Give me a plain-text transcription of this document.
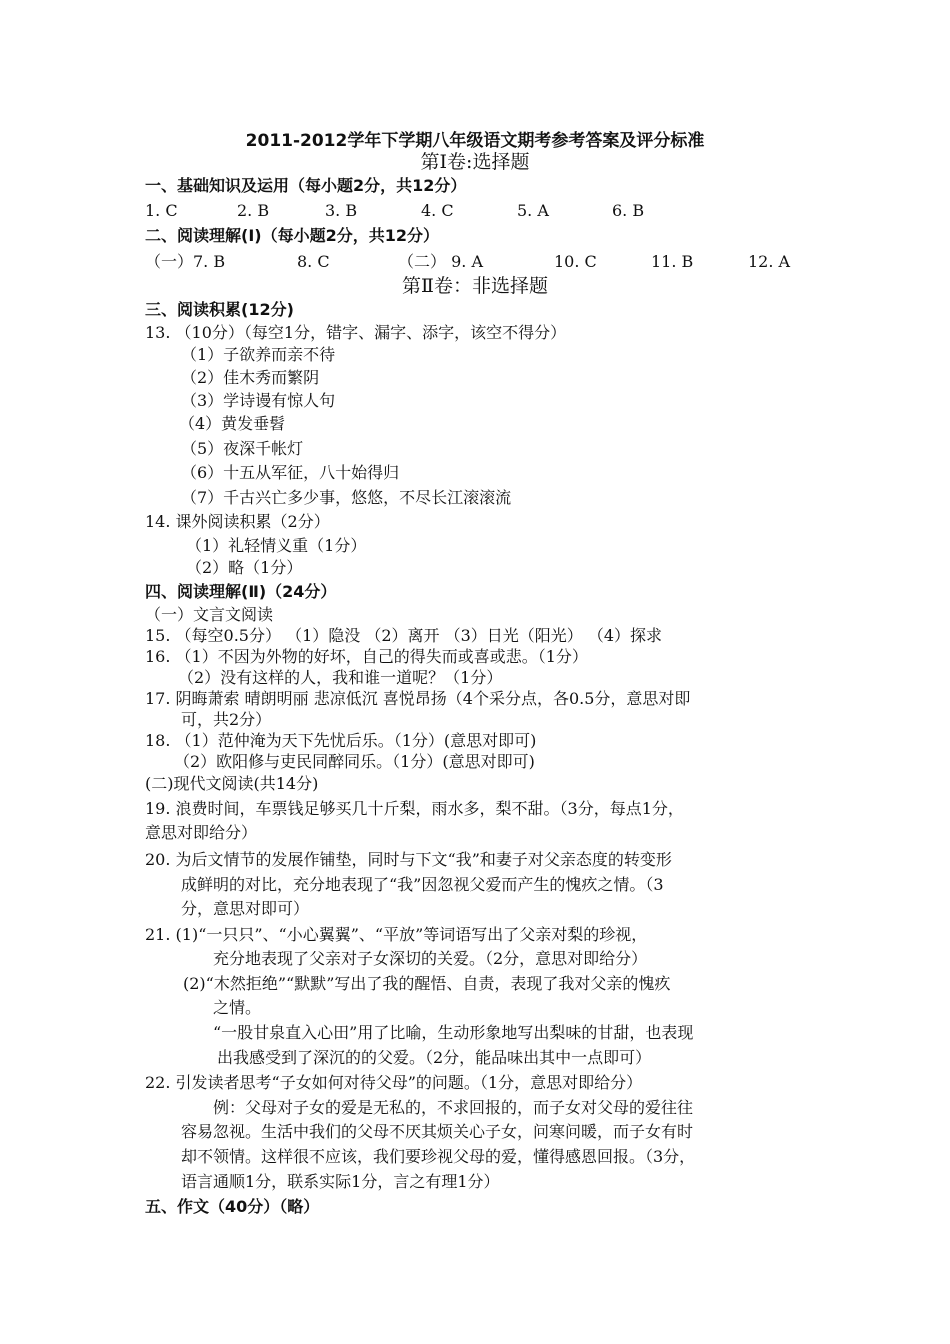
2011-2012学年下学期八年级语文期考参考答案及评分标准
第Ⅰ卷:选择题
一、基础知识及运用（每小题2分，共12分）
1. C	2. B	3. B	4. C	5. A	6. B
二、阅读理解(Ⅰ)（每小题2分，共12分）
（一）7. B	8. C	（二） 9. A	10. C	11. B	12. A
第Ⅱ卷：非选择题
三、阅读积累(12分)
13. （10分）（每空1分，错字、漏字、添字，该空不得分）
（1）子欲养而亲不待
（2）佳木秀而繁阴
（3）学诗谩有惊人句
（4）黄发垂髫
（5）夜深千帐灯
（6）十五从军征，八十始得归
（7）千古兴亡多少事，悠悠，不尽长江滚滚流
14. 课外阅读积累（2分）
（1）礼轻情义重（1分）
（2）略（1分）
四、阅读理解(Ⅱ)（24分）
（一）文言文阅读
15. （每空0.5分） （1）隐没 （2）离开 （3）日光（阳光） （4）探求
16. （1）不因为外物的好坏，自己的得失而或喜或悲。（1分）
（2）没有这样的人，我和谁一道呢？（1分）
17. 阴晦萧索 晴朗明丽 悲凉低沉 喜悦昂扬（4个采分点，各0.5分，意思对即
可，共2分）
18. （1）范仲淹为天下先忧后乐。（1分）(意思对即可)
（2）欧阳修与吏民同醉同乐。（1分）(意思对即可)
(二)现代文阅读(共14分)
19. 浪费时间，车票钱足够买几十斤梨，雨水多，梨不甜。（3分，每点1分，
意思对即给分）
20. 为后文情节的发展作铺垫，同时与下文“我”和妻子对父亲态度的转变形
成鲜明的对比，充分地表现了“我”因忽视父爱而产生的愧疚之情。（3
分，意思对即可）
21. (1)“一只只”、“小心翼翼”、“平放”等词语写出了父亲对梨的珍视，
充分地表现了父亲对子女深切的关爱。（2分，意思对即给分）
(2)“木然拒绝”“默默”写出了我的醒悟、自责，表现了我对父亲的愧疚
之情。
“一股甘泉直入心田”用了比喻，生动形象地写出梨味的甘甜，也表现
出我感受到了深沉的的父爱。（2分，能品味出其中一点即可）
22. 引发读者思考“子女如何对待父母”的问题。（1分，意思对即给分）
例：父母对子女的爱是无私的，不求回报的，而子女对父母的爱往往
容易忽视。生活中我们的父母不厌其烦关心子女，问寒问暖，而子女有时
却不领情。这样很不应该，我们要珍视父母的爱，懂得感恩回报。（3分，
语言通顺1分，联系实际1分，言之有理1分）
五、作文（40分）（略）
